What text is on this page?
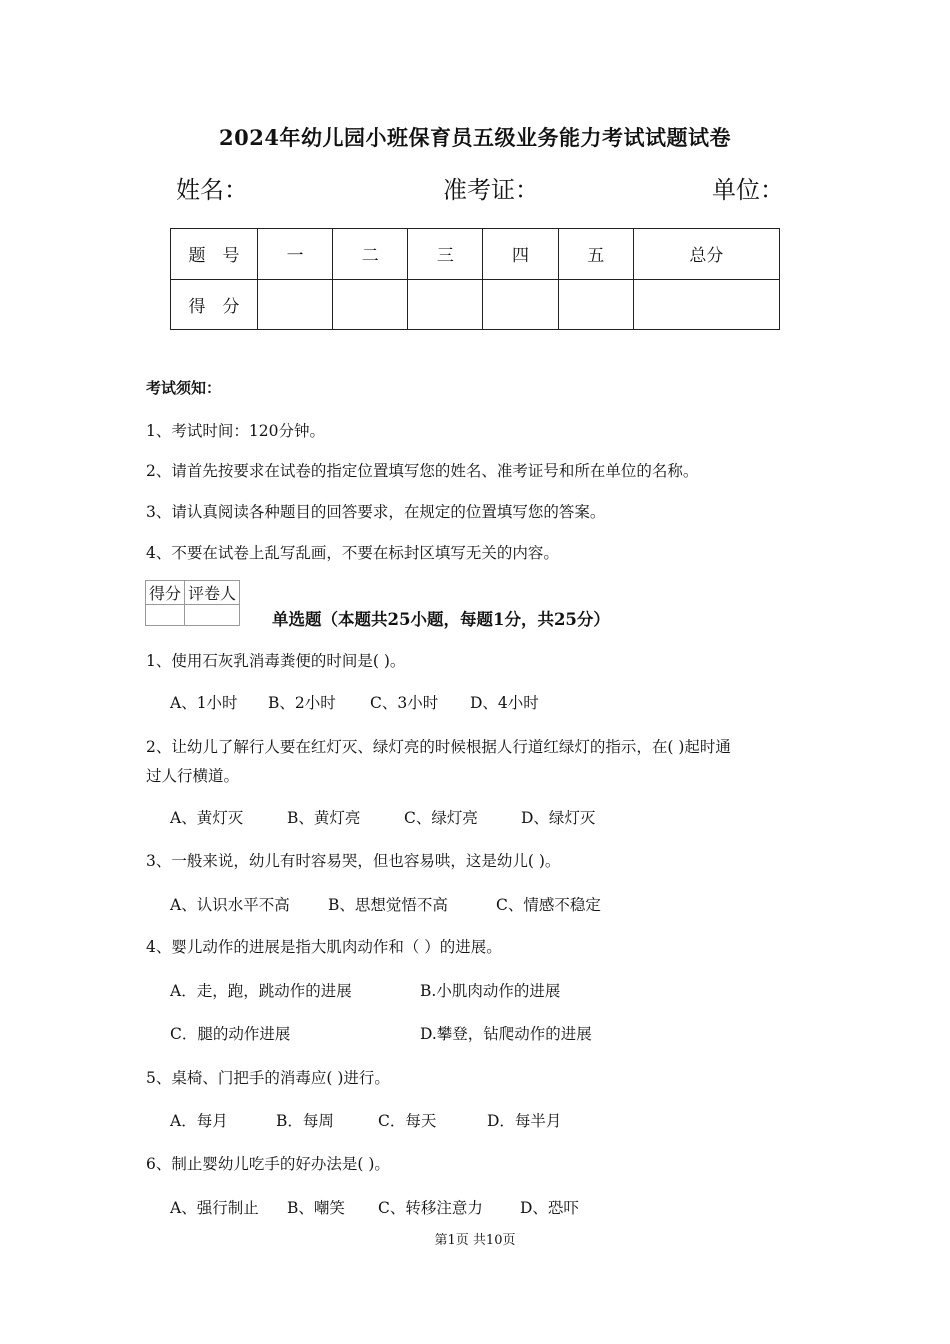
2024年幼儿园小班保育员五级业务能力考试试题试卷
姓名：	准考证：	单位：
题　号	一	二	三	四	五	总分
得　分						
考试须知：
1、考试时间：120分钟。
2、请首先按要求在试卷的指定位置填写您的姓名、准考证号和所在单位的名称。
3、请认真阅读各种题目的回答要求，在规定的位置填写您的答案。
4、不要在试卷上乱写乱画，不要在标封区填写无关的内容。
得分	评卷人

单选题（本题共25小题，每题1分，共25分）
1、使用石灰乳消毒粪便的时间是( )。
A、1小时 B、2小时 C、3小时 D、4小时
2、让幼儿了解行人要在红灯灭、绿灯亮的时候根据人行道红绿灯的指示，在( )起时通
过人行横道。
A、黄灯灭	B、黄灯亮	C、绿灯亮	D、绿灯灭
3、一般来说，幼儿有时容易哭，但也容易哄，这是幼儿( )。
A、认识水平不高 B、思想觉悟不高	C、情感不稳定
4、婴儿动作的进展是指大肌肉动作和（ ）的进展。
A．走，跑，跳动作的进展	B.小肌肉动作的进展
C．腿的动作进展	D.攀登，钻爬动作的进展
5、桌椅、门把手的消毒应( )进行。
A．每月	B．每周	C．每天	D．每半月
6、制止婴幼儿吃手的好办法是( )。
A、强行制止 B、嘲笑 C、转移注意力 D、恐吓
第1页 共10页
